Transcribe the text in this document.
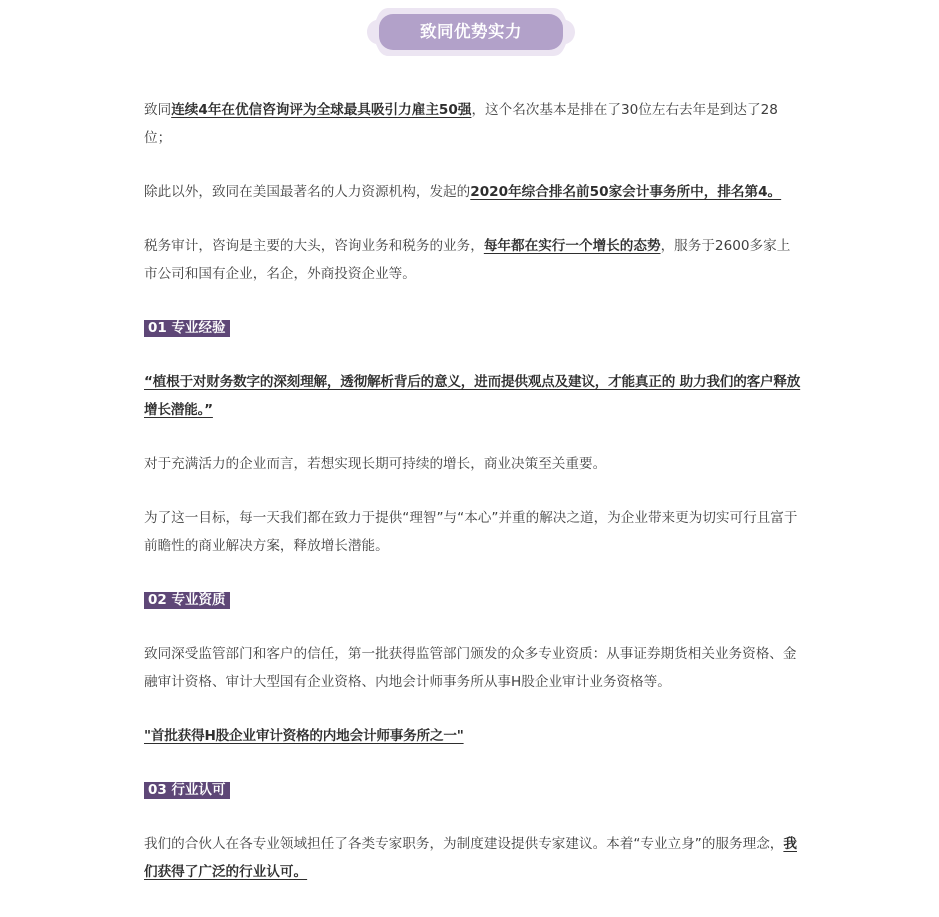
致同优势实力

致同连续4年在优信咨询评为全球最具吸引力雇主50强，这个名次基本是排在了30位左右去年是到达了28位；

除此以外，致同在美国最著名的人力资源机构，发起的2020年综合排名前50家会计事务所中，排名第4。

税务审计，咨询是主要的大头，咨询业务和税务的业务，每年都在实行一个增长的态势，服务于2600多家上市公司和国有企业，名企，外商投资企业等。

01 专业经验

“植根于对财务数字的深刻理解，透彻解析背后的意义，进而提供观点及建议，才能真正的 助力我们的客户释放增长潜能。”

对于充满活力的企业而言，若想实现长期可持续的增长，商业决策至关重要。

为了这一目标，每一天我们都在致力于提供“理智”与“本心”并重的解决之道，为企业带来更为切实可行且富于前瞻性的商业解决方案，释放增长潜能。

02 专业资质

致同深受监管部门和客户的信任，第一批获得监管部门颁发的众多专业资质：从事证券期货相关业务资格、金融审计资格、审计大型国有企业资格、内地会计师事务所从事H股企业审计业务资格等。

"首批获得H股企业审计资格的内地会计师事务所之一"

03 行业认可

我们的合伙人在各专业领域担任了各类专家职务，为制度建设提供专家建议。本着“专业立身”的服务理念，我们获得了广泛的行业认可。
